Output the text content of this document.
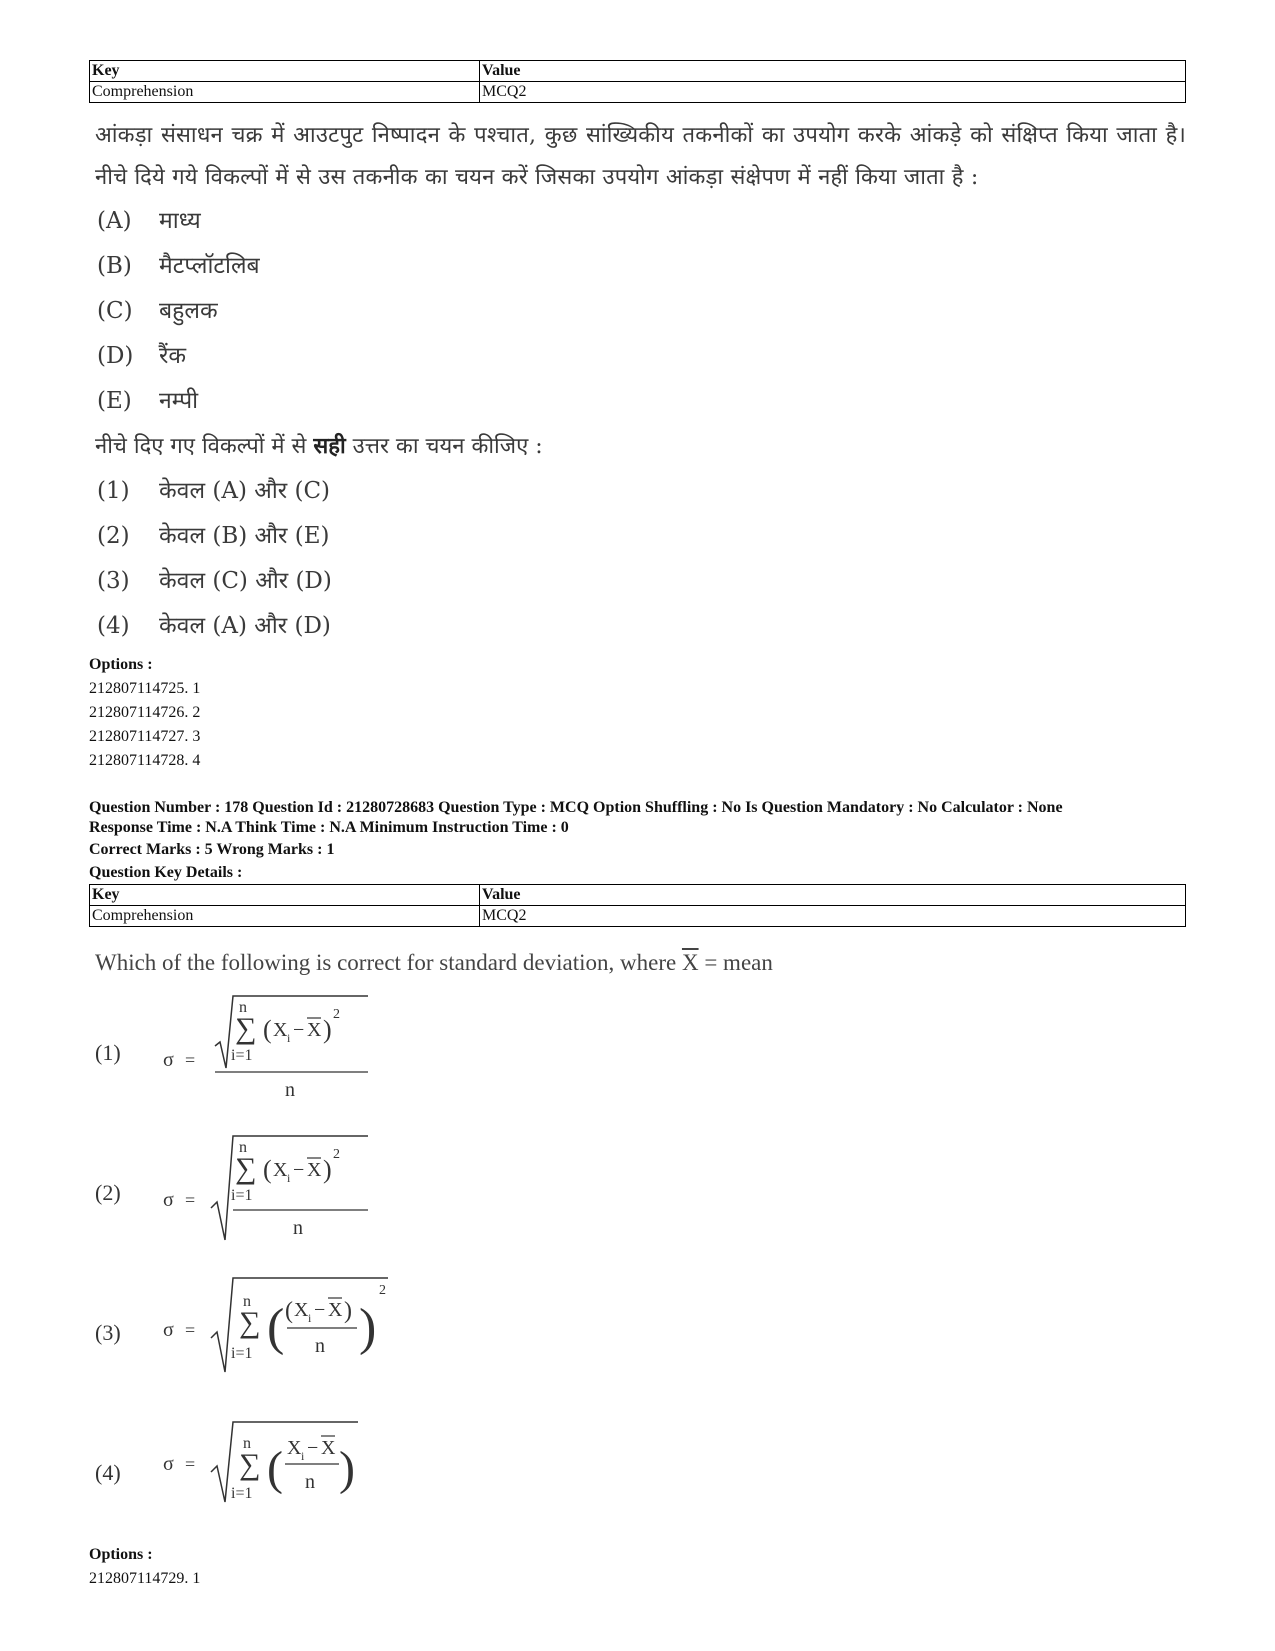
Key	Value
Comprehension	MCQ2
आंकड़ा संसाधन चक्र में आउटपुट निष्पादन के पश्चात, कुछ सांख्यिकीय तकनीकों का उपयोग करके आंकड़े को संक्षिप्त किया जाता है। नीचे दिये गये विकल्पों में से उस तकनीक का चयन करें जिसका उपयोग आंकड़ा संक्षेपण में नहीं किया जाता है :
(A)	माध्य
(B)	मैटप्लॉटलिब
(C)	बहुलक
(D)	रैंक
(E)	नम्पी
नीचे दिए गए विकल्पों में से सही उत्तर का चयन कीजिए :
(1)	केवल (A) और (C)
(2)	केवल (B) और (E)
(3)	केवल (C) और (D)
(4)	केवल (A) और (D)
Options :
212807114725. 1
212807114726. 2
212807114727. 3
212807114728. 4
Question Number : 178 Question Id : 21280728683 Question Type : MCQ Option Shuffling : No Is Question Mandatory : No Calculator : None
Response Time : N.A Think Time : N.A Minimum Instruction Time : 0
Correct Marks : 5 Wrong Marks : 1
Question Key Details :
Key	Value
Comprehension	MCQ2
Which of the following is correct for standard deviation, where $\overline{X}$ = mean
(1)	σ =
n
∑
i=1
( X i − X )
2
n
(2)	σ =
n
∑
i=1
( X i − X )
2
n
(3)	σ =
n
∑
i=1 ( ( X i − X )
n )
2
(4)	σ =
n
∑
i=1 ( X i − X
n )
Options :
212807114729. 1
